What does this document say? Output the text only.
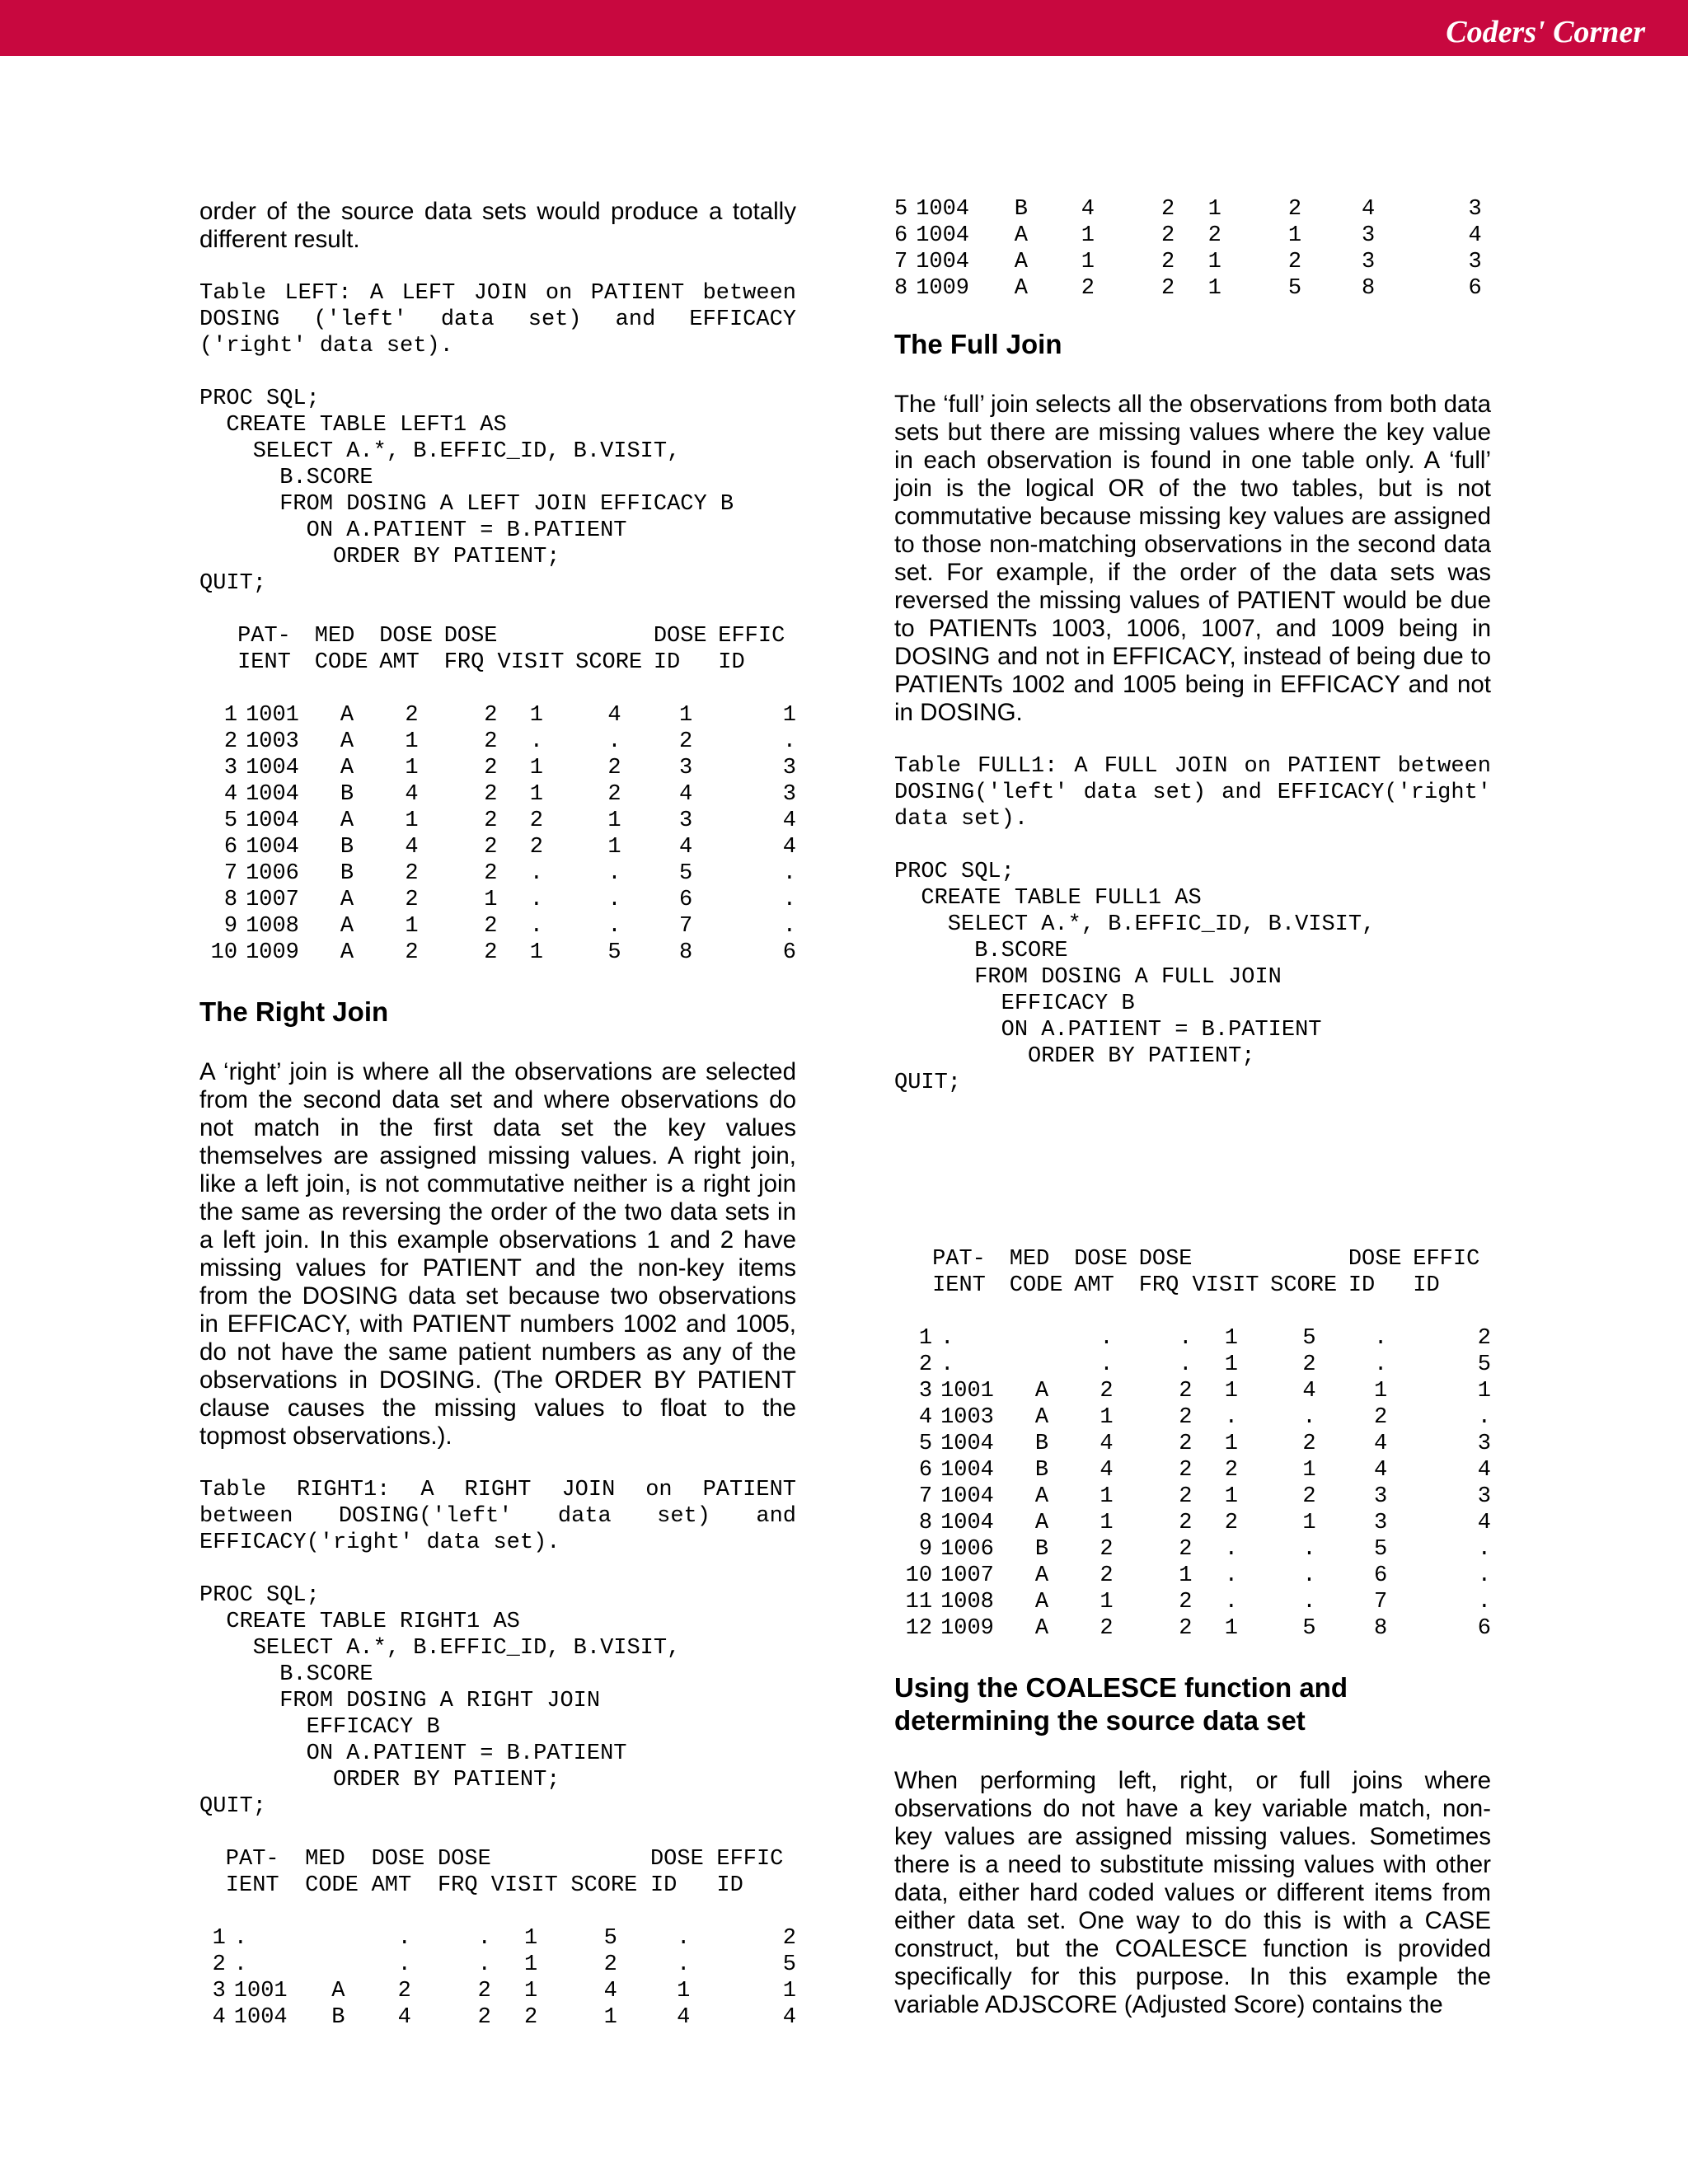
Coders' Corner

order of the source data sets would produce a totally different result.

Table LEFT: A LEFT JOIN on PATIENT between DOSING ('left' data set) and EFFICACY ('right' data set).

PROC SQL;
CREATE TABLE LEFT1 AS
SELECT A.*, B.EFFIC_ID, B.VISIT,
B.SCORE
FROM DOSING A LEFT JOIN EFFICACY B
ON A.PATIENT = B.PATIENT
ORDER BY PATIENT;
QUIT;
	PAT-	MED	DOSE	DOSE			DOSE	EFFIC
	IENT	CODE	AMT	FRQ	VISIT	SCORE	ID	ID

1	1001	A	2	2	1	4	1	1
2	1003	A	1	2	.	.	2	.
3	1004	A	1	2	1	2	3	3
4	1004	B	4	2	1	2	4	3
5	1004	A	1	2	2	1	3	4
6	1004	B	4	2	2	1	4	4
7	1006	B	2	2	.	.	5	.
8	1007	A	2	1	.	.	6	.
9	1008	A	1	2	.	.	7	.
10	1009	A	2	2	1	5	8	6
The Right Join

A ‘right’ join is where all the observations are selected from the second data set and where observations do not match in the first data set the key values themselves are assigned missing values. A right join, like a left join, is not commutative neither is a right join the same as reversing the order of the two data sets in a left join. In this example observations 1 and 2 have missing values for PATIENT and the non-key items from the DOSING data set because two observations in EFFICACY, with PATIENT numbers 1002 and 1005, do not have the same patient numbers as any of the observations in DOSING. (The ORDER BY PATIENT clause causes the missing values to float to the topmost observations.).

Table RIGHT1: A RIGHT JOIN on PATIENT between DOSING('left' data set) and EFFICACY('right' data set).

PROC SQL;
CREATE TABLE RIGHT1 AS
SELECT A.*, B.EFFIC_ID, B.VISIT,
B.SCORE
FROM DOSING A RIGHT JOIN
EFFICACY B
ON A.PATIENT = B.PATIENT
ORDER BY PATIENT;
QUIT;
	PAT-	MED	DOSE	DOSE			DOSE	EFFIC
	IENT	CODE	AMT	FRQ	VISIT	SCORE	ID	ID

1	.		.	.	1	5	.	2
2	.		.	.	1	2	.	5
3	1001	A	2	2	1	4	1	1
4	1004	B	4	2	2	1	4	4
5	1004	B	4	2	1	2	4	3
6	1004	A	1	2	2	1	3	4
7	1004	A	1	2	1	2	3	3
8	1009	A	2	2	1	5	8	6
The Full Join

The ‘full’ join selects all the observations from both data sets but there are missing values where the key value in each observation is found in one table only. A ‘full’ join is the logical OR of the two tables, but is not commutative because missing key values are assigned to those non-matching observations in the second data set. For example, if the order of the data sets was reversed the missing values of PATIENT would be due to PATIENTs 1003, 1006, 1007, and 1009 being in DOSING and not in EFFICACY, instead of being due to PATIENTs 1002 and 1005 being in EFFICACY and not in DOSING.

Table FULL1: A FULL JOIN on PATIENT between DOSING('left' data set) and EFFICACY('right' data set).

PROC SQL;
CREATE TABLE FULL1 AS
SELECT A.*, B.EFFIC_ID, B.VISIT,
B.SCORE
FROM DOSING A FULL JOIN
EFFICACY B
ON A.PATIENT = B.PATIENT
ORDER BY PATIENT;
QUIT;
	PAT-	MED	DOSE	DOSE			DOSE	EFFIC
	IENT	CODE	AMT	FRQ	VISIT	SCORE	ID	ID

1	.		.	.	1	5	.	2
2	.		.	.	1	2	.	5
3	1001	A	2	2	1	4	1	1
4	1003	A	1	2	.	.	2	.
5	1004	B	4	2	1	2	4	3
6	1004	B	4	2	2	1	4	4
7	1004	A	1	2	1	2	3	3
8	1004	A	1	2	2	1	3	4
9	1006	B	2	2	.	.	5	.
10	1007	A	2	1	.	.	6	.
11	1008	A	1	2	.	.	7	.
12	1009	A	2	2	1	5	8	6
Using the COALESCE function and determining the source data set

When performing left, right, or full joins where observations do not have a key variable match, non-key values are assigned missing values. Sometimes there is a need to substitute missing values with other data, either hard coded values or different items from either data set. One way to do this is with a CASE construct, but the COALESCE function is provided specifically for this purpose. In this example the variable ADJSCORE (Adjusted Score) contains the
